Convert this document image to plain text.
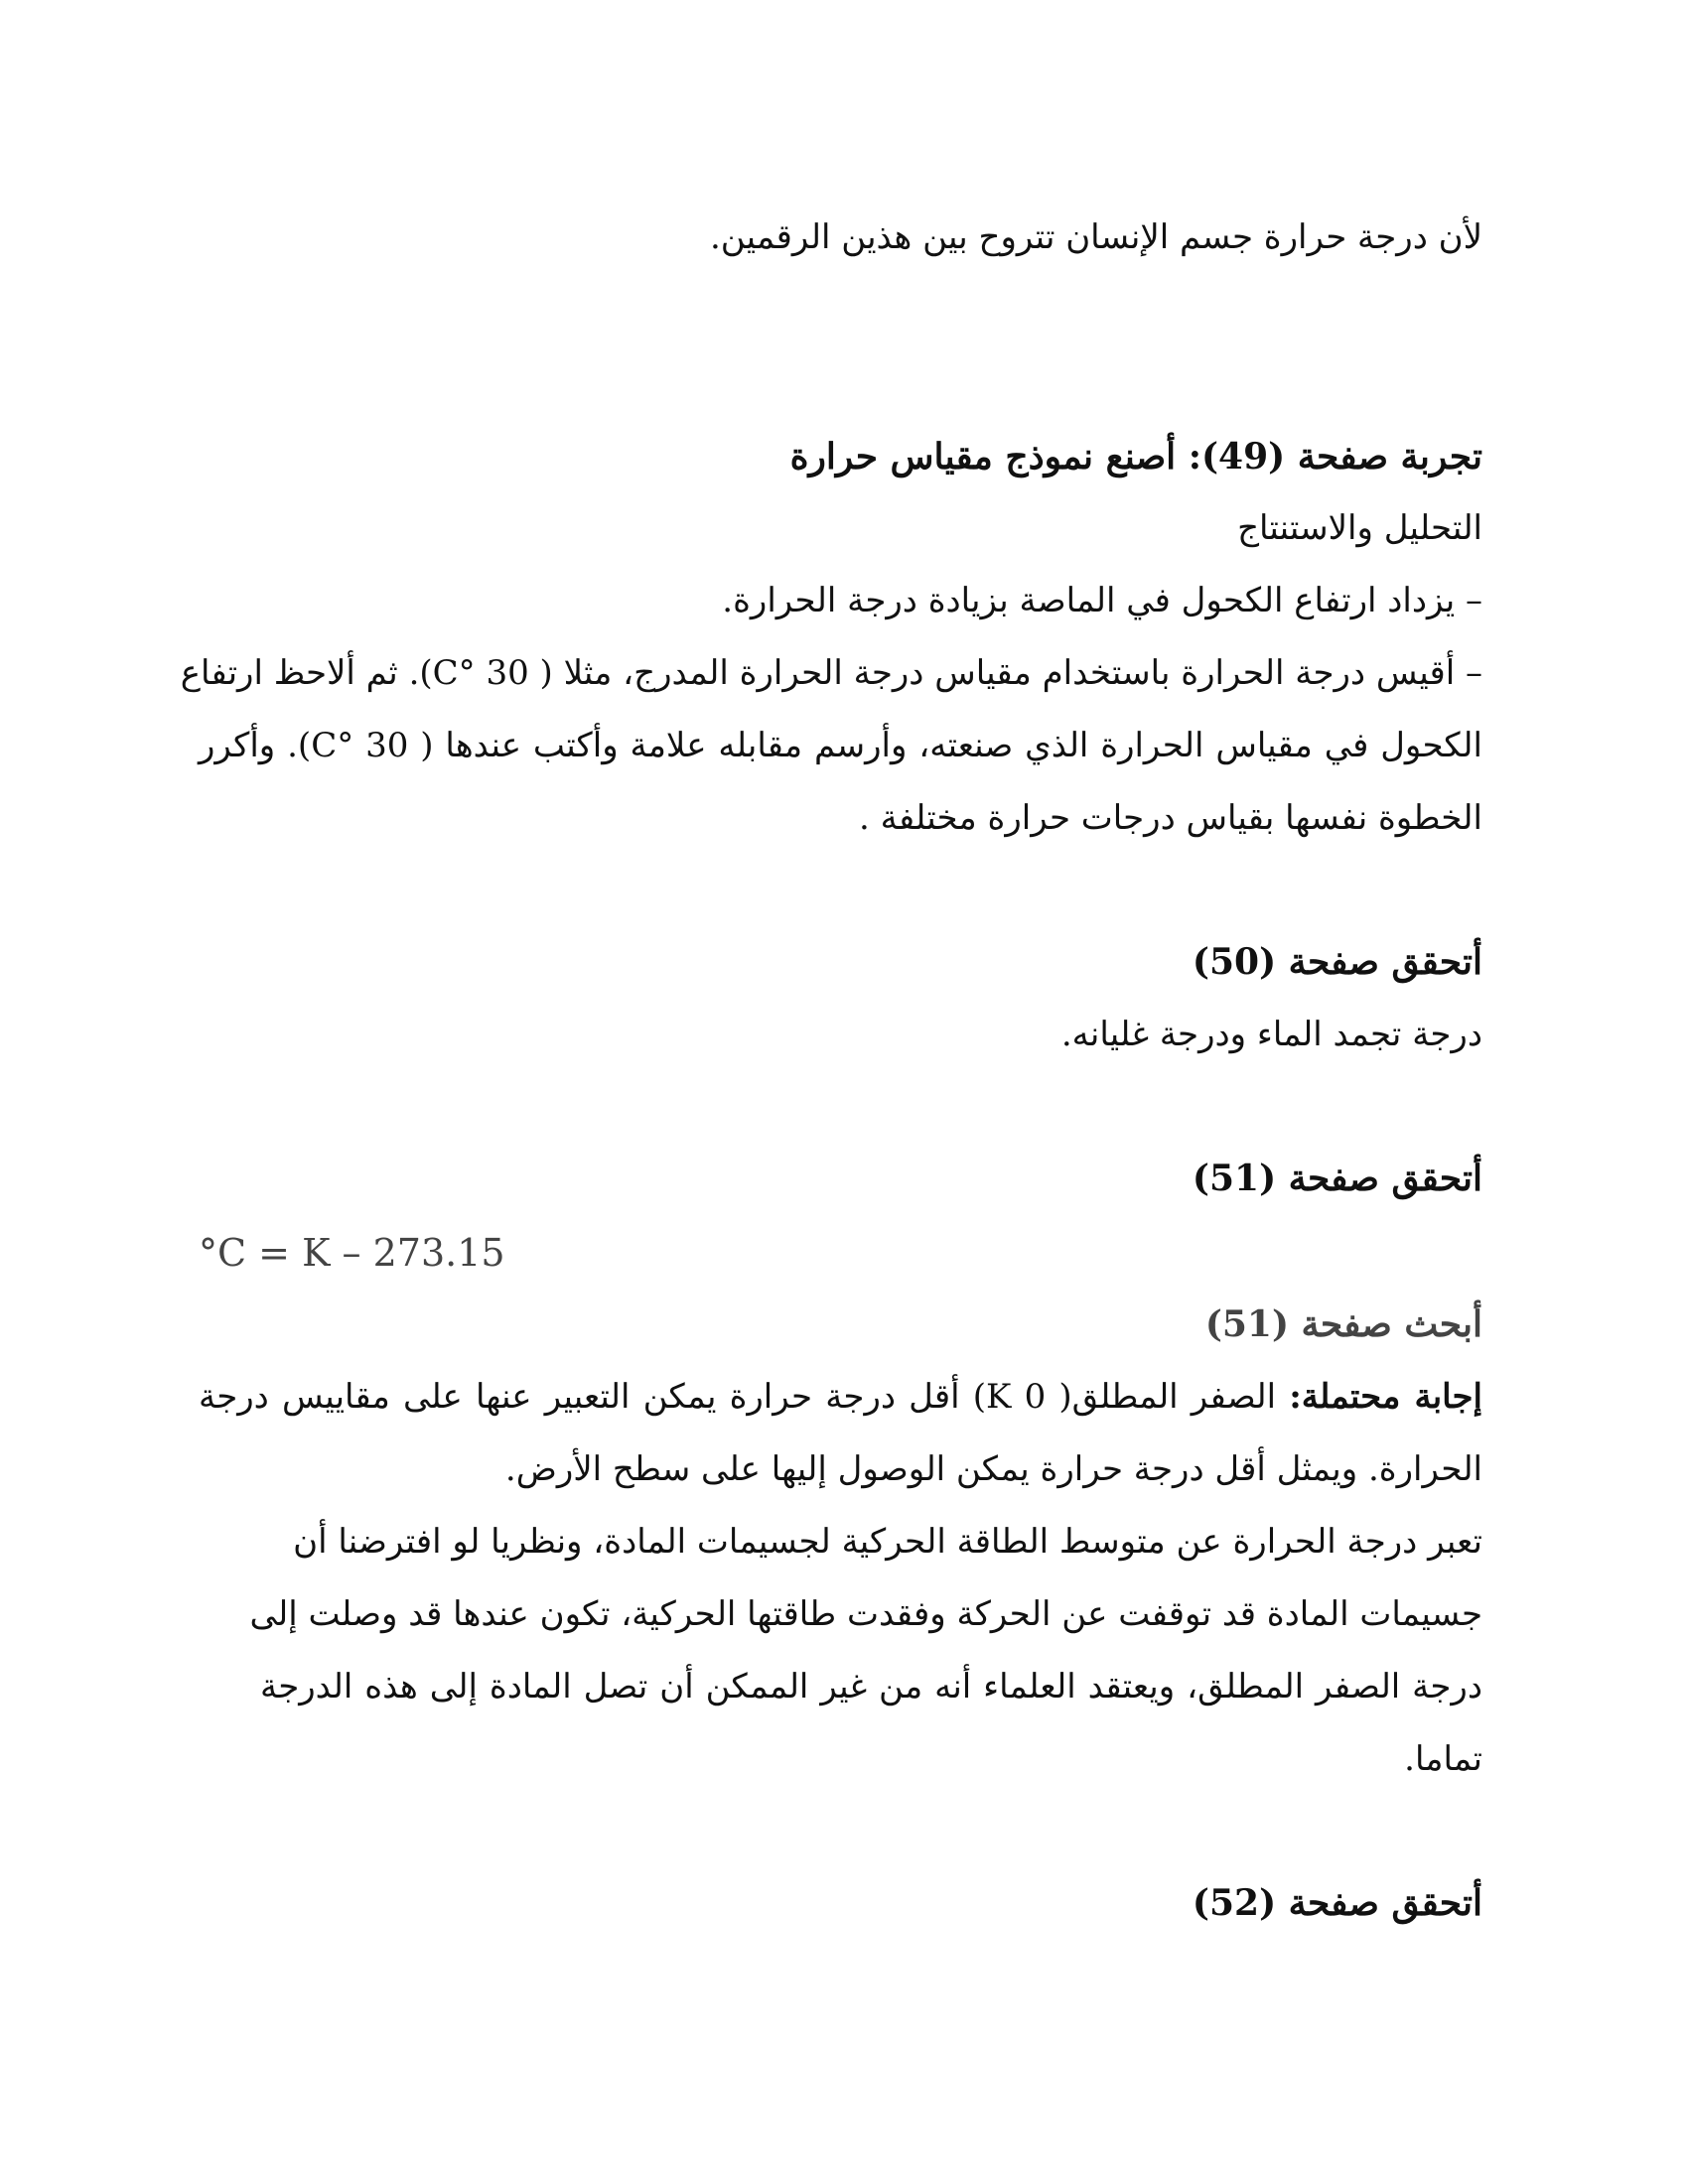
لأن درجة حرارة جسم الإنسان تتروح بين هذين الرقمين.
تجربة صفحة (49): أصنع نموذج مقياس حرارة
التحليل والاستنتاج
– يزداد ارتفاع الكحول في الماصة بزيادة درجة الحرارة.
– أقيس درجة الحرارة باستخدام مقياس درجة الحرارة المدرج، مثلا ( C° 30). ثم ألاحظ ارتفاع
الكحول في مقياس الحرارة الذي صنعته، وأرسم مقابله علامة وأكتب عندها ( C° 30). وأكرر
الخطوة نفسها بقياس درجات حرارة مختلفة .
أتحقق صفحة (50)
درجة تجمد الماء ودرجة غليانه.
أتحقق صفحة (51)
°C = K – 273.15
أبحث صفحة (51)
إجابة محتملة: الصفر المطلق( K 0) أقل درجة حرارة يمكن التعبير عنها على مقاييس درجة
الحرارة. ويمثل أقل درجة حرارة يمكن الوصول إليها على سطح الأرض.
تعبر درجة الحرارة عن متوسط الطاقة الحركية لجسيمات المادة، ونظريا لو افترضنا أن
جسيمات المادة قد توقفت عن الحركة وفقدت طاقتها الحركية، تكون عندها قد وصلت إلى
درجة الصفر المطلق، ويعتقد العلماء أنه من غير الممكن أن تصل المادة إلى هذه الدرجة
تماما.
أتحقق صفحة (52)
